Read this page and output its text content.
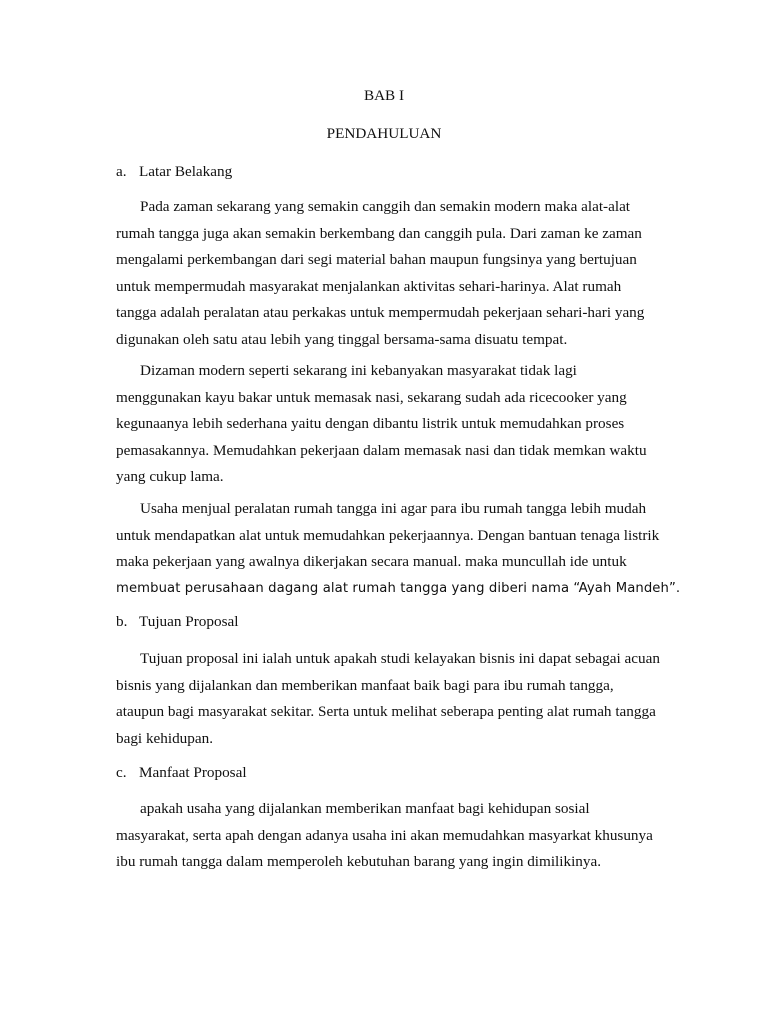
BAB I
PENDAHULUAN
a. Latar Belakang
Pada zaman sekarang yang semakin canggih dan semakin modern maka alat-alat
rumah tangga juga akan semakin berkembang dan canggih pula. Dari zaman ke zaman
mengalami perkembangan dari segi material bahan maupun fungsinya yang bertujuan
untuk mempermudah masyarakat menjalankan aktivitas sehari-harinya. Alat rumah
tangga adalah peralatan atau perkakas untuk mempermudah pekerjaan sehari-hari yang
digunakan oleh satu atau lebih yang tinggal bersama-sama disuatu tempat.
Dizaman modern seperti sekarang ini kebanyakan masyarakat tidak lagi
menggunakan kayu bakar untuk memasak nasi, sekarang sudah ada ricecooker yang
kegunaanya lebih sederhana yaitu dengan dibantu listrik untuk memudahkan proses
pemasakannya. Memudahkan pekerjaan dalam memasak nasi dan tidak memkan waktu
yang cukup lama.
Usaha menjual peralatan rumah tangga ini agar para ibu rumah tangga lebih mudah
untuk mendapatkan alat untuk memudahkan pekerjaannya. Dengan bantuan tenaga listrik
maka pekerjaan yang awalnya dikerjakan secara manual. maka muncullah ide untuk
membuat perusahaan dagang alat rumah tangga yang diberi nama “Ayah Mandeh”.
b. Tujuan Proposal
Tujuan proposal ini ialah untuk apakah studi kelayakan bisnis ini dapat sebagai acuan
bisnis yang dijalankan dan memberikan manfaat baik bagi para ibu rumah tangga,
ataupun bagi masyarakat sekitar. Serta untuk melihat seberapa penting alat rumah tangga
bagi kehidupan.
c. Manfaat Proposal
apakah usaha yang dijalankan memberikan manfaat bagi kehidupan sosial
masyarakat, serta apah dengan adanya usaha ini akan memudahkan masyarkat khusunya
ibu rumah tangga dalam memperoleh kebutuhan barang yang ingin dimilikinya.
